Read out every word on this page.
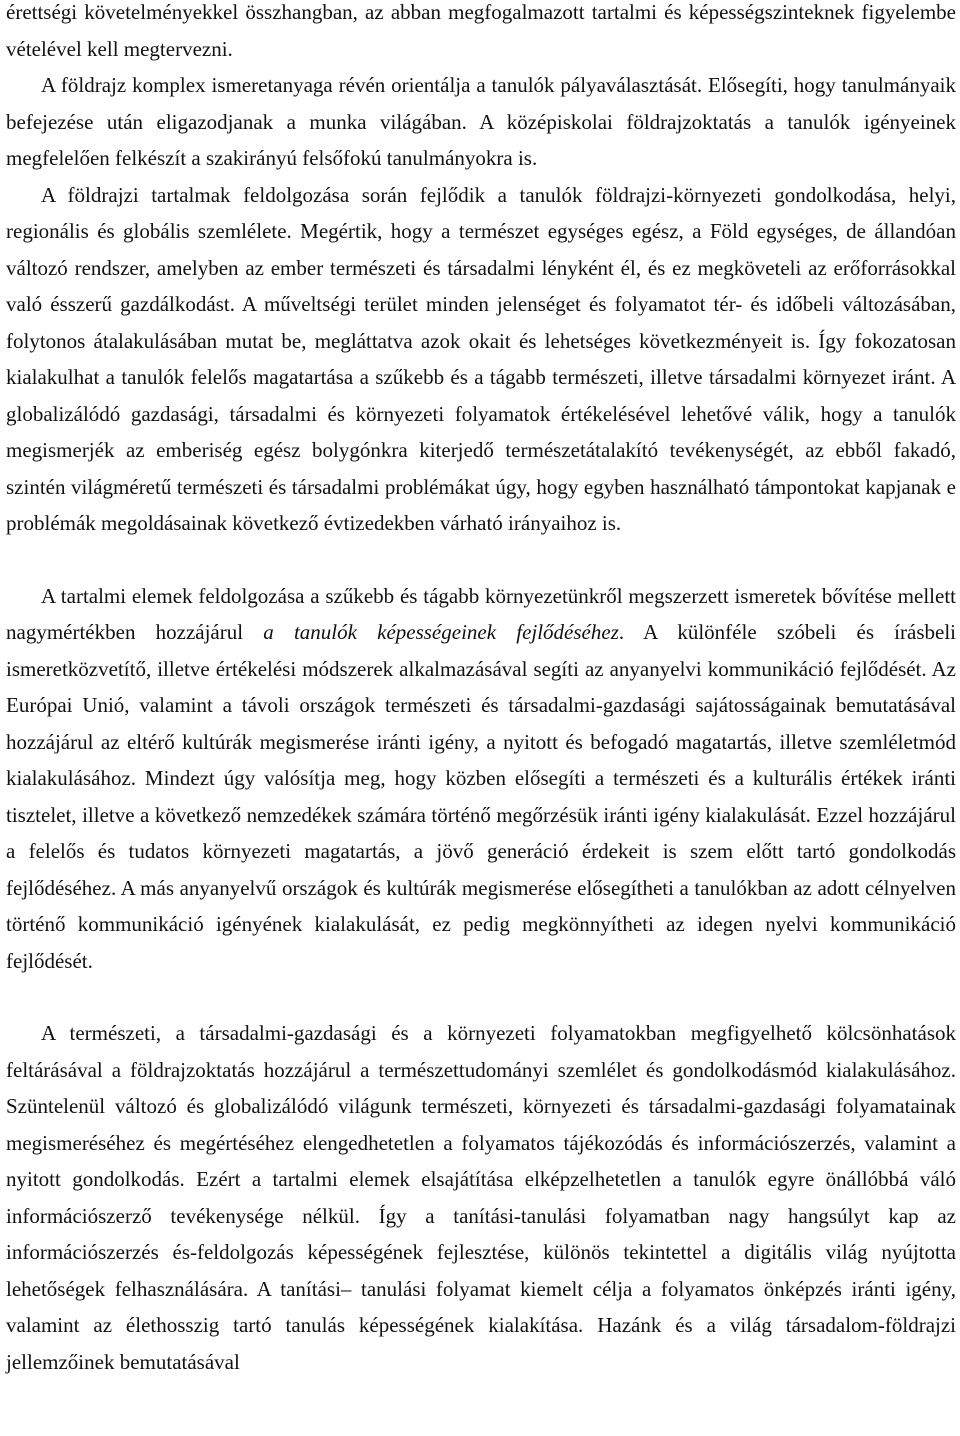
érettségi követelményekkel összhangban, az abban megfogalmazott tartalmi és képességszinteknek figyelembe vételével kell megtervezni.

A földrajz komplex ismeretanyaga révén orientálja a tanulók pályaválasztását. Elősegíti, hogy tanulmányaik befejezése után eligazodjanak a munka világában. A középiskolai földrajzoktatás a tanulók igényeinek megfelelően felkészít a szakirányú felsőfokú tanulmányokra is.

A földrajzi tartalmak feldolgozása során fejlődik a tanulók földrajzi-környezeti gondolkodása, helyi, regionális és globális szemlélete. Megértik, hogy a természet egységes egész, a Föld egységes, de állandóan változó rendszer, amelyben az ember természeti és társadalmi lényként él, és ez megköveteli az erőforrásokkal való ésszerű gazdálkodást. A műveltségi terület minden jelenséget és folyamatot tér- és időbeli változásában, folytonos átalakulásában mutat be, megláttatva azok okait és lehetséges következményeit is. Így fokozatosan kialakulhat a tanulók felelős magatartása a szűkebb és a tágabb természeti, illetve társadalmi környezet iránt. A globalizálódó gazdasági, társadalmi és környezeti folyamatok értékelésével lehetővé válik, hogy a tanulók megismerjék az emberiség egész bolygónkra kiterjedő természetátalakító tevékenységét, az ebből fakadó, szintén világméretű természeti és társadalmi problémákat úgy, hogy egyben használható támpontokat kapjanak e problémák megoldásainak következő évtizedekben várható irányaihoz is.

A tartalmi elemek feldolgozása a szűkebb és tágabb környezetünkről megszerzett ismeretek bővítése mellett nagymértékben hozzájárul a tanulók képességeinek fejlődéséhez. A különféle szóbeli és írásbeli ismeretközvetítő, illetve értékelési módszerek alkalmazásával segíti az anyanyelvi kommunikáció fejlődését. Az Európai Unió, valamint a távoli országok természeti és társadalmi-gazdasági sajátosságainak bemutatásával hozzájárul az eltérő kultúrák megismerése iránti igény, a nyitott és befogadó magatartás, illetve szemléletmód kialakulásához. Mindezt úgy valósítja meg, hogy közben elősegíti a természeti és a kulturális értékek iránti tisztelet, illetve a következő nemzedékek számára történő megőrzésük iránti igény kialakulását. Ezzel hozzájárul a felelős és tudatos környezeti magatartás, a jövő generáció érdekeit is szem előtt tartó gondolkodás fejlődéséhez. A más anyanyelvű országok és kultúrák megismerése elősegítheti a tanulókban az adott célnyelven történő kommunikáció igényének kialakulását, ez pedig megkönnyítheti az idegen nyelvi kommunikáció fejlődését.

A természeti, a társadalmi-gazdasági és a környezeti folyamatokban megfigyelhető kölcsönhatások feltárásával a földrajzoktatás hozzájárul a természettudományi szemlélet és gondolkodásmód kialakulásához. Szüntelenül változó és globalizálódó világunk természeti, környezeti és társadalmi-gazdasági folyamatainak megismeréséhez és megértéséhez elengedhetetlen a folyamatos tájékozódás és információszerzés, valamint a nyitott gondolkodás. Ezért a tartalmi elemek elsajátítása elképzelhetetlen a tanulók egyre önállóbbá váló információszerző tevékenysége nélkül. Így a tanítási-tanulási folyamatban nagy hangsúlyt kap az információszerzés és-feldolgozás képességének fejlesztése, különös tekintettel a digitális világ nyújtotta lehetőségek felhasználására. A tanítási– tanulási folyamat kiemelt célja a folyamatos önképzés iránti igény, valamint az élethosszig tartó tanulás képességének kialakítása. Hazánk és a világ társadalom-földrajzi jellemzőinek bemutatásával
